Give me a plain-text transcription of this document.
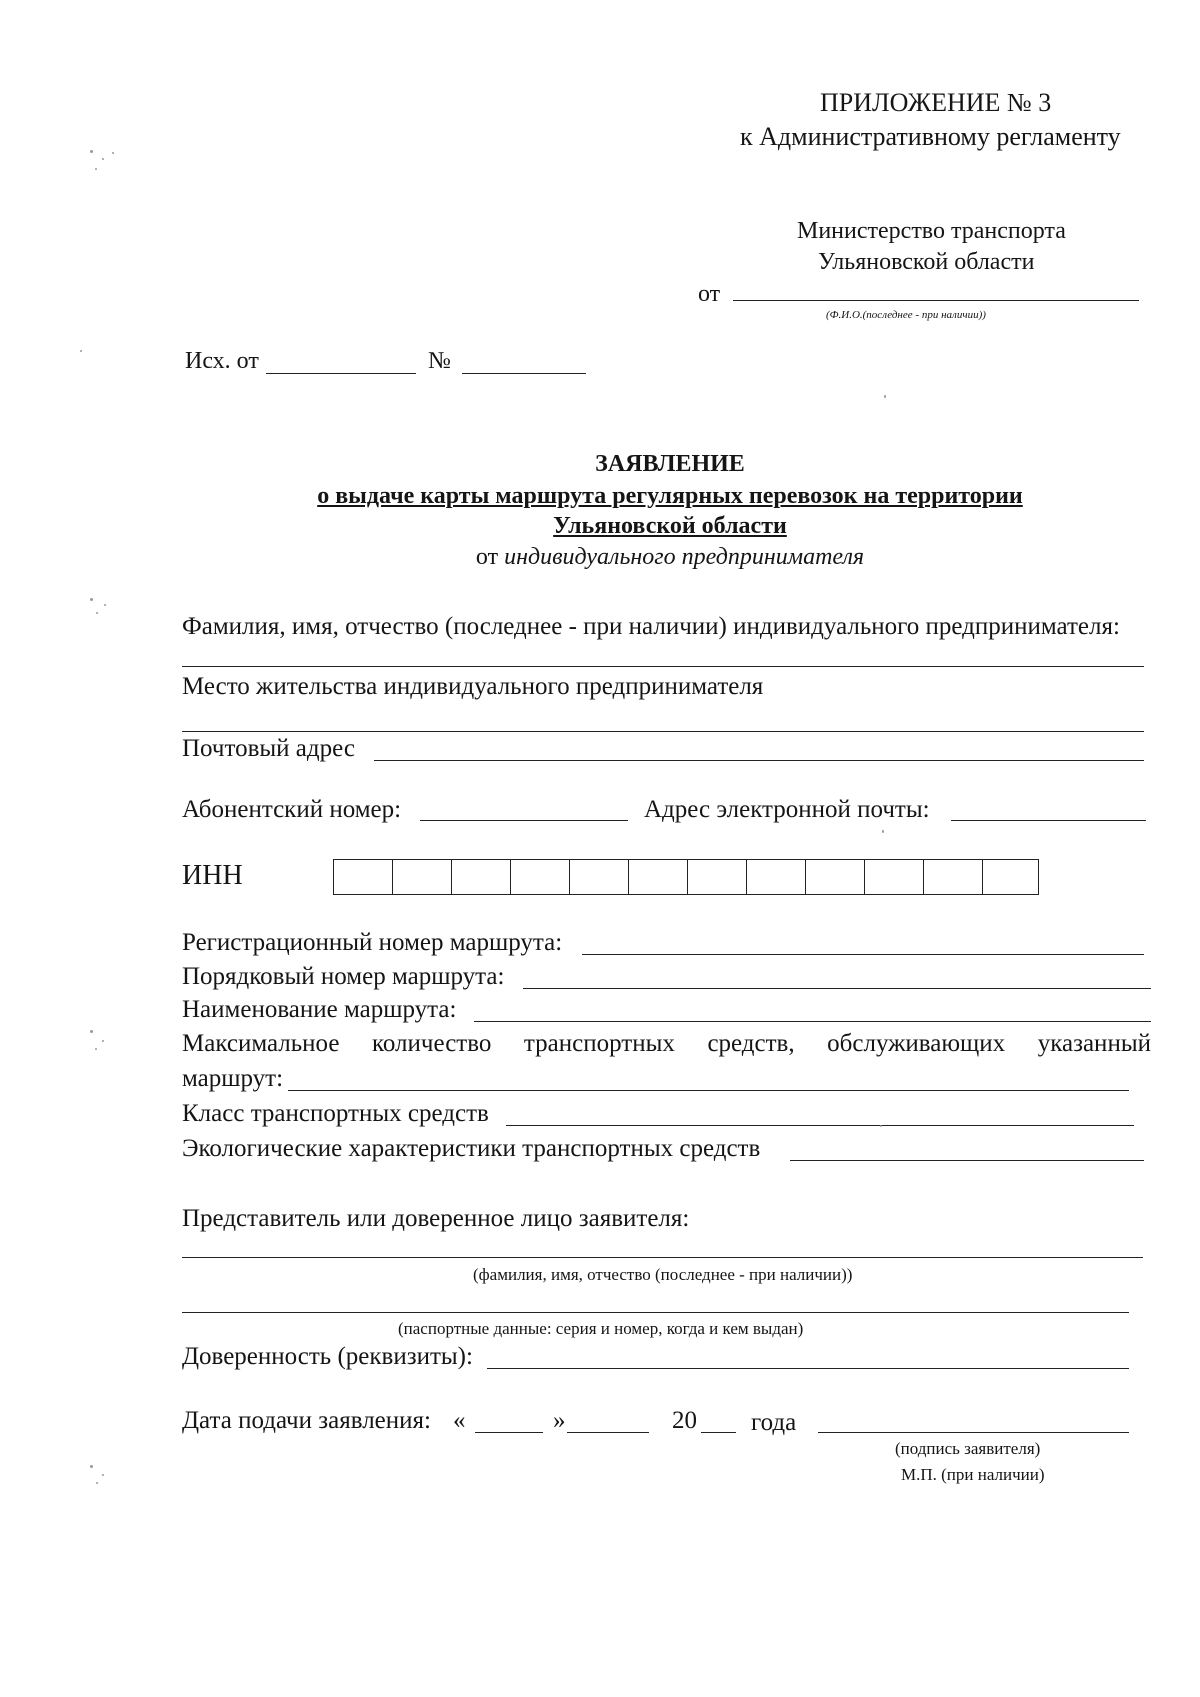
ПРИЛОЖЕНИЕ № 3
к Административному регламенту
Министерство транспорта
Ульяновской области
от
(Ф.И.О.(последнее - при наличии))
Исх. от	№
ЗАЯВЛЕНИЕ
о выдаче карты маршрута регулярных перевозок на территории
Ульяновской области
от индивидуального предпринимателя
Фамилия, имя, отчество (последнее - при наличии) индивидуального предпринимателя:
Место жительства индивидуального предпринимателя
Почтовый адрес
Абонентский номер:	Адрес электронной почты:
ИНН
Регистрационный номер маршрута:
Порядковый номер маршрута:
Наименование маршрута:
Максимальное количество транспортных средств, обслуживающих указанный
маршрут:
Класс транспортных средств
Экологические характеристики транспортных средств
Представитель или доверенное лицо заявителя:
(фамилия, имя, отчество (последнее - при наличии))
(паспортные данные: серия и номер, когда и кем выдан)
Доверенность (реквизиты):
Дата подачи заявления: «	»	20 года
(подпись заявителя)
М.П. (при наличии)
